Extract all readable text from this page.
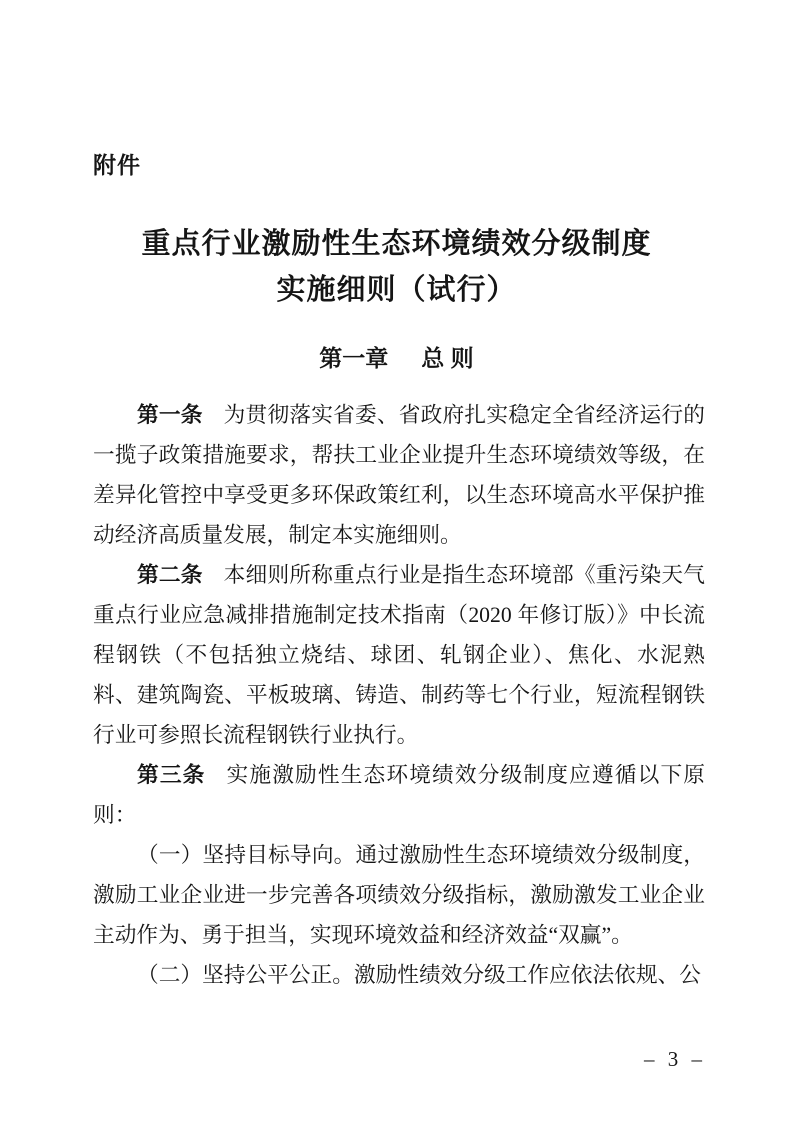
附件
重点行业激励性生态环境绩效分级制度
实施细则（试行）
第一章 总 则

第一条 为贯彻落实省委、省政府扎实稳定全省经济运行的一揽子政策措施要求，帮扶工业企业提升生态环境绩效等级，在差异化管控中享受更多环保政策红利，以生态环境高水平保护推动经济高质量发展，制定本实施细则。

第二条 本细则所称重点行业是指生态环境部《重污染天气重点行业应急减排措施制定技术指南（2020 年修订版）》中长流程钢铁（不包括独立烧结、球团、轧钢企业）、焦化、水泥熟料、建筑陶瓷、平板玻璃、铸造、制药等七个行业，短流程钢铁行业可参照长流程钢铁行业执行。

第三条 实施激励性生态环境绩效分级制度应遵循以下原则：

（一）坚持目标导向。通过激励性生态环境绩效分级制度，激励工业企业进一步完善各项绩效分级指标，激励激发工业企业主动作为、勇于担当，实现环境效益和经济效益“双赢”。

（二）坚持公平公正。激励性绩效分级工作应依法依规、公

– 3 –
